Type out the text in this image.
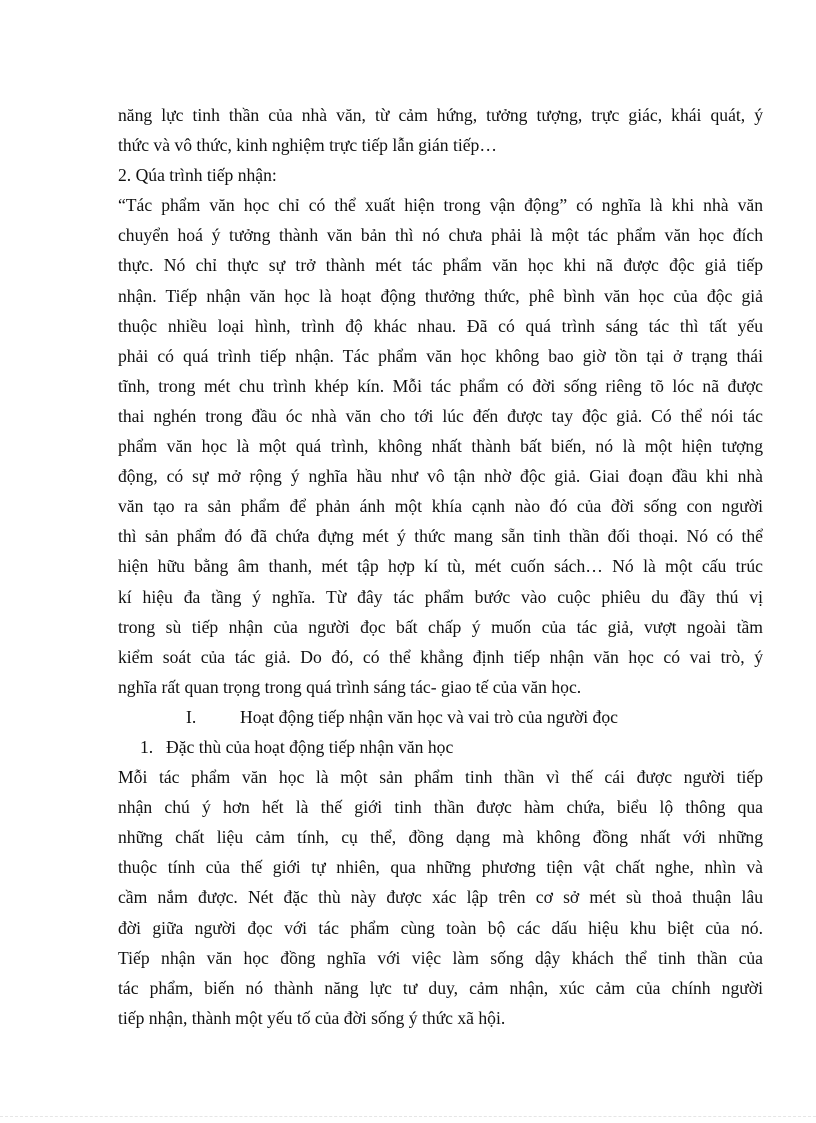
năng lực tinh thần của nhà văn, từ cảm hứng, tưởng tượng, trực giác, khái quát, ý
thức và vô thức, kinh nghiệm trực tiếp lẫn gián tiếp…
2. Qúa trình tiếp nhận:
“Tác phẩm văn học chỉ có thể xuất hiện trong vận động” có nghĩa là khi nhà văn
chuyển hoá ý tưởng thành văn bản thì nó chưa phải là một tác phẩm văn học đích
thực. Nó chỉ thực sự trở thành mét tác phẩm văn học khi nã được độc giả tiếp
nhận. Tiếp nhận văn học là hoạt động thưởng thức, phê bình văn học của độc giả
thuộc nhiều loại hình, trình độ khác nhau. Đã có quá trình sáng tác thì tất yếu
phải có quá trình tiếp nhận. Tác phẩm văn học không bao giờ tồn tại ở trạng thái
tĩnh, trong mét chu trình khép kín. Mỗi tác phẩm có đời sống riêng tõ lóc nã được
thai nghén trong đầu óc nhà văn cho tới lúc đến được tay độc giả. Có thể nói tác
phẩm văn học là một quá trình, không nhất thành bất biến, nó là một hiện tượng
động, có sự mở rộng ý nghĩa hầu như vô tận nhờ độc giả. Giai đoạn đầu khi nhà
văn tạo ra sản phẩm để phản ánh một khía cạnh nào đó của đời sống con người
thì sản phẩm đó đã chứa đựng mét ý thức mang sẵn tinh thần đối thoại. Nó có thể
hiện hữu bằng âm thanh, mét tập hợp kí tù, mét cuốn sách… Nó là một cấu trúc
kí hiệu đa tầng ý nghĩa. Từ đây tác phẩm bước vào cuộc phiêu du đầy thú vị
trong sù tiếp nhận của người đọc bất chấp ý muốn của tác giả, vượt ngoài tầm
kiểm soát của tác giả. Do đó, có thể khẳng định tiếp nhận văn học có vai trò, ý
nghĩa rất quan trọng trong quá trình sáng tác- giao tế của văn học.
I.	Hoạt động tiếp nhận văn học và vai trò của người đọc
1. Đặc thù của hoạt động tiếp nhận văn học
Mỗi tác phẩm văn học là một sản phẩm tinh thần vì thế cái được người tiếp
nhận chú ý hơn hết là thế giới tinh thần được hàm chứa, biểu lộ thông qua
những chất liệu cảm tính, cụ thể, đồng dạng mà không đồng nhất với những
thuộc tính của thế giới tự nhiên, qua những phương tiện vật chất nghe, nhìn và
cầm nắm được. Nét đặc thù này được xác lập trên cơ sở mét sù thoả thuận lâu
đời giữa người đọc với tác phẩm cùng toàn bộ các dấu hiệu khu biệt của nó.
Tiếp nhận văn học đồng nghĩa với việc làm sống dậy khách thể tinh thần của
tác phẩm, biến nó thành năng lực tư duy, cảm nhận, xúc cảm của chính người
tiếp nhận, thành một yếu tố của đời sống ý thức xã hội.
